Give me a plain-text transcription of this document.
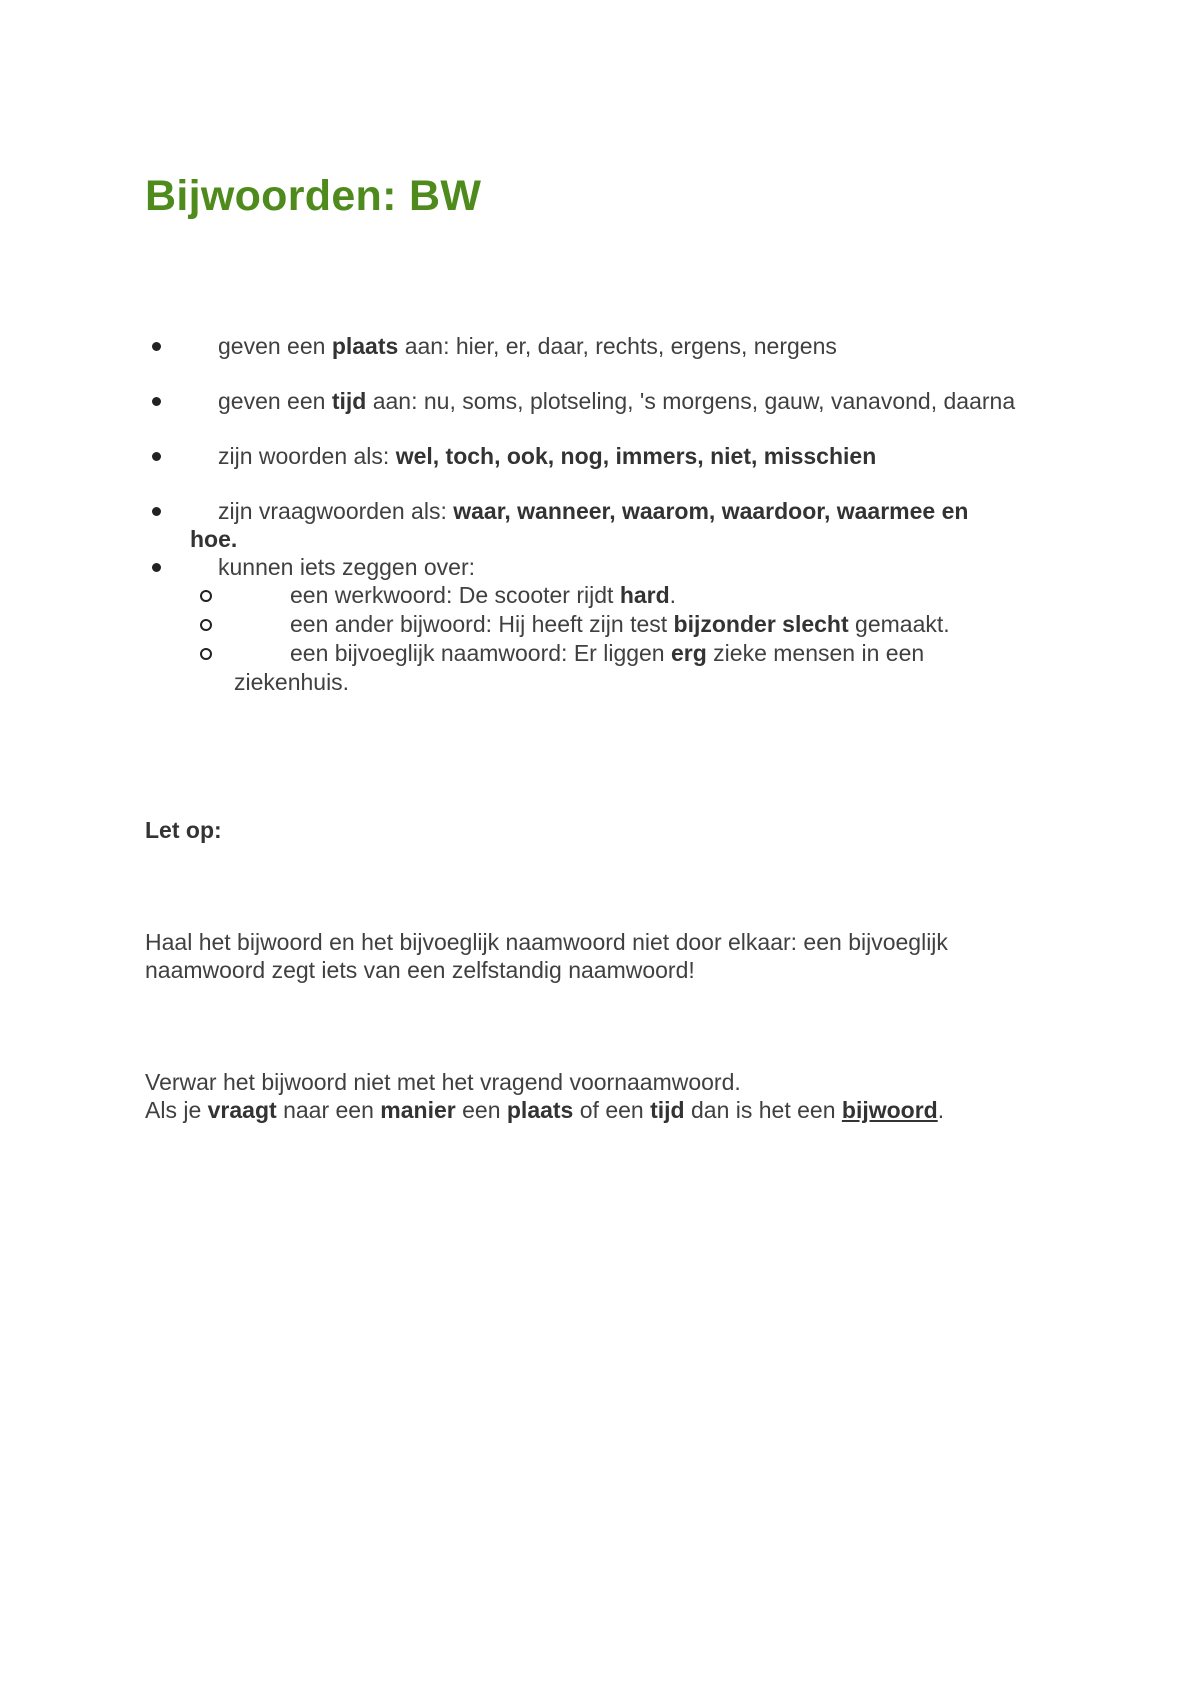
Bijwoorden: BW
geven een plaats aan: hier, er, daar, rechts, ergens, nergens
geven een tijd aan: nu, soms, plotseling, 's morgens, gauw, vanavond, daarna
zijn woorden als: wel, toch, ook, nog, immers, niet, misschien
zijn vraagwoorden als: waar, wanneer, waarom, waardoor, waarmee en
hoe.
kunnen iets zeggen over:
een werkwoord: De scooter rijdt hard.
een ander bijwoord: Hij heeft zijn test bijzonder slecht gemaakt.
een bijvoeglijk naamwoord: Er liggen erg zieke mensen in een
ziekenhuis.
Let op:
Haal het bijwoord en het bijvoeglijk naamwoord niet door elkaar: een bijvoeglijk
naamwoord zegt iets van een zelfstandig naamwoord!
Verwar het bijwoord niet met het vragend voornaamwoord.
Als je vraagt naar een manier een plaats of een tijd dan is het een bijwoord.
